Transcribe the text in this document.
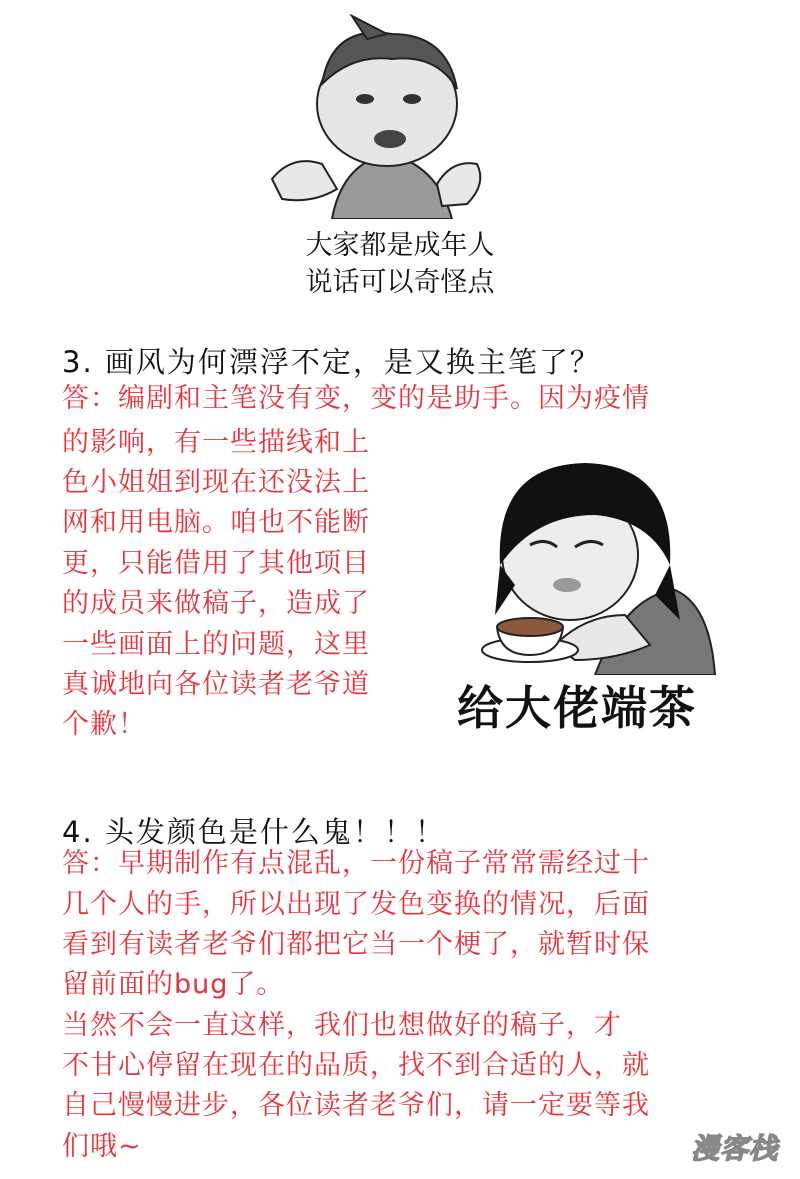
大家都是成年人
说话可以奇怪点
3. 画风为何漂浮不定，是又换主笔了？
答：编剧和主笔没有变，变的是助手。因为疫情
的影响，有一些描线和上
色小姐姐到现在还没法上
网和用电脑。咱也不能断
更，只能借用了其他项目
的成员来做稿子，造成了
一些画面上的问题，这里
真诚地向各位读者老爷道
个歉！	给大佬端茶
4. 头发颜色是什么鬼！！！
答：早期制作有点混乱，一份稿子常常需经过十
几个人的手，所以出现了发色变换的情况，后面
看到有读者老爷们都把它当一个梗了，就暂时保
留前面的bug了。
当然不会一直这样，我们也想做好的稿子，才
不甘心停留在现在的品质，找不到合适的人，就
自己慢慢进步，各位读者老爷们，请一定要等我
们哦~	漫客栈
